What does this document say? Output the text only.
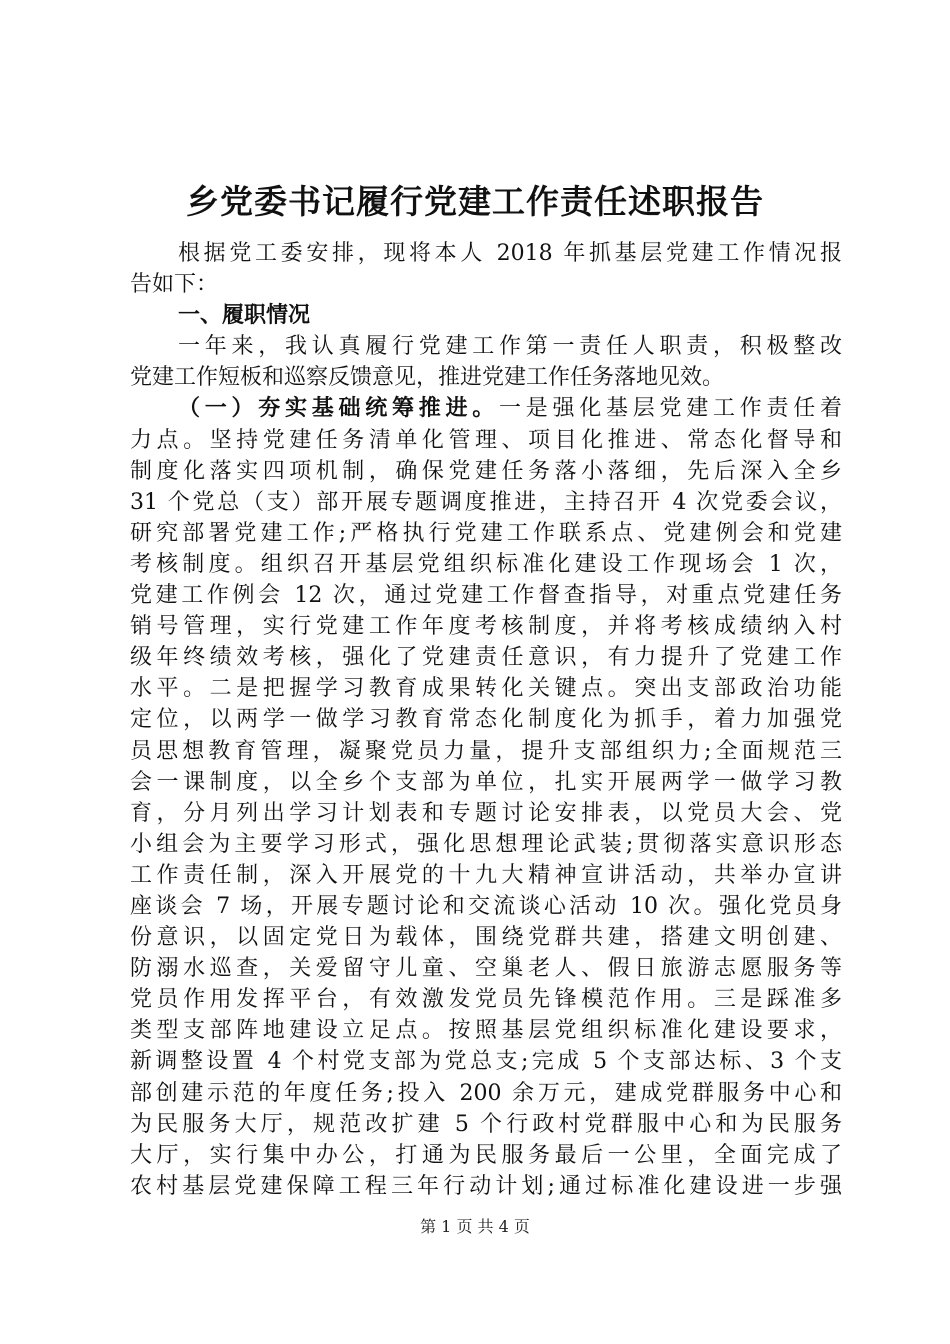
乡党委书记履行党建工作责任述职报告
根据党工委安排，现将本人 2018 年抓基层党建工作情况报
告如下：
一、履职情况
一年来，我认真履行党建工作第一责任人职责，积极整改
党建工作短板和巡察反馈意见，推进党建工作任务落地见效。
（一）夯实基础统筹推进。一是强化基层党建工作责任着
力点。坚持党建任务清单化管理、项目化推进、常态化督导和
制度化落实四项机制，确保党建任务落小落细，先后深入全乡
31 个党总（支）部开展专题调度推进，主持召开 4 次党委会议，
研究部署党建工作;严格执行党建工作联系点、党建例会和党建
考核制度。组织召开基层党组织标准化建设工作现场会 1 次，
党建工作例会 12 次，通过党建工作督查指导，对重点党建任务
销号管理，实行党建工作年度考核制度，并将考核成绩纳入村
级年终绩效考核，强化了党建责任意识，有力提升了党建工作
水平。二是把握学习教育成果转化关键点。突出支部政治功能
定位，以两学一做学习教育常态化制度化为抓手，着力加强党
员思想教育管理，凝聚党员力量，提升支部组织力;全面规范三
会一课制度，以全乡个支部为单位，扎实开展两学一做学习教
育，分月列出学习计划表和专题讨论安排表，以党员大会、党
小组会为主要学习形式，强化思想理论武装;贯彻落实意识形态
工作责任制，深入开展党的十九大精神宣讲活动，共举办宣讲
座谈会 7 场，开展专题讨论和交流谈心活动 10 次。强化党员身
份意识，以固定党日为载体，围绕党群共建，搭建文明创建、
防溺水巡查，关爱留守儿童、空巢老人、假日旅游志愿服务等
党员作用发挥平台，有效激发党员先锋模范作用。三是踩准多
类型支部阵地建设立足点。按照基层党组织标准化建设要求，
新调整设置 4 个村党支部为党总支;完成 5 个支部达标、3 个支
部创建示范的年度任务;投入 200 余万元，建成党群服务中心和
为民服务大厅，规范改扩建 5 个行政村党群服中心和为民服务
大厅，实行集中办公，打通为民服务最后一公里，全面完成了
农村基层党建保障工程三年行动计划;通过标准化建设进一步强
第 1 页 共 4 页
